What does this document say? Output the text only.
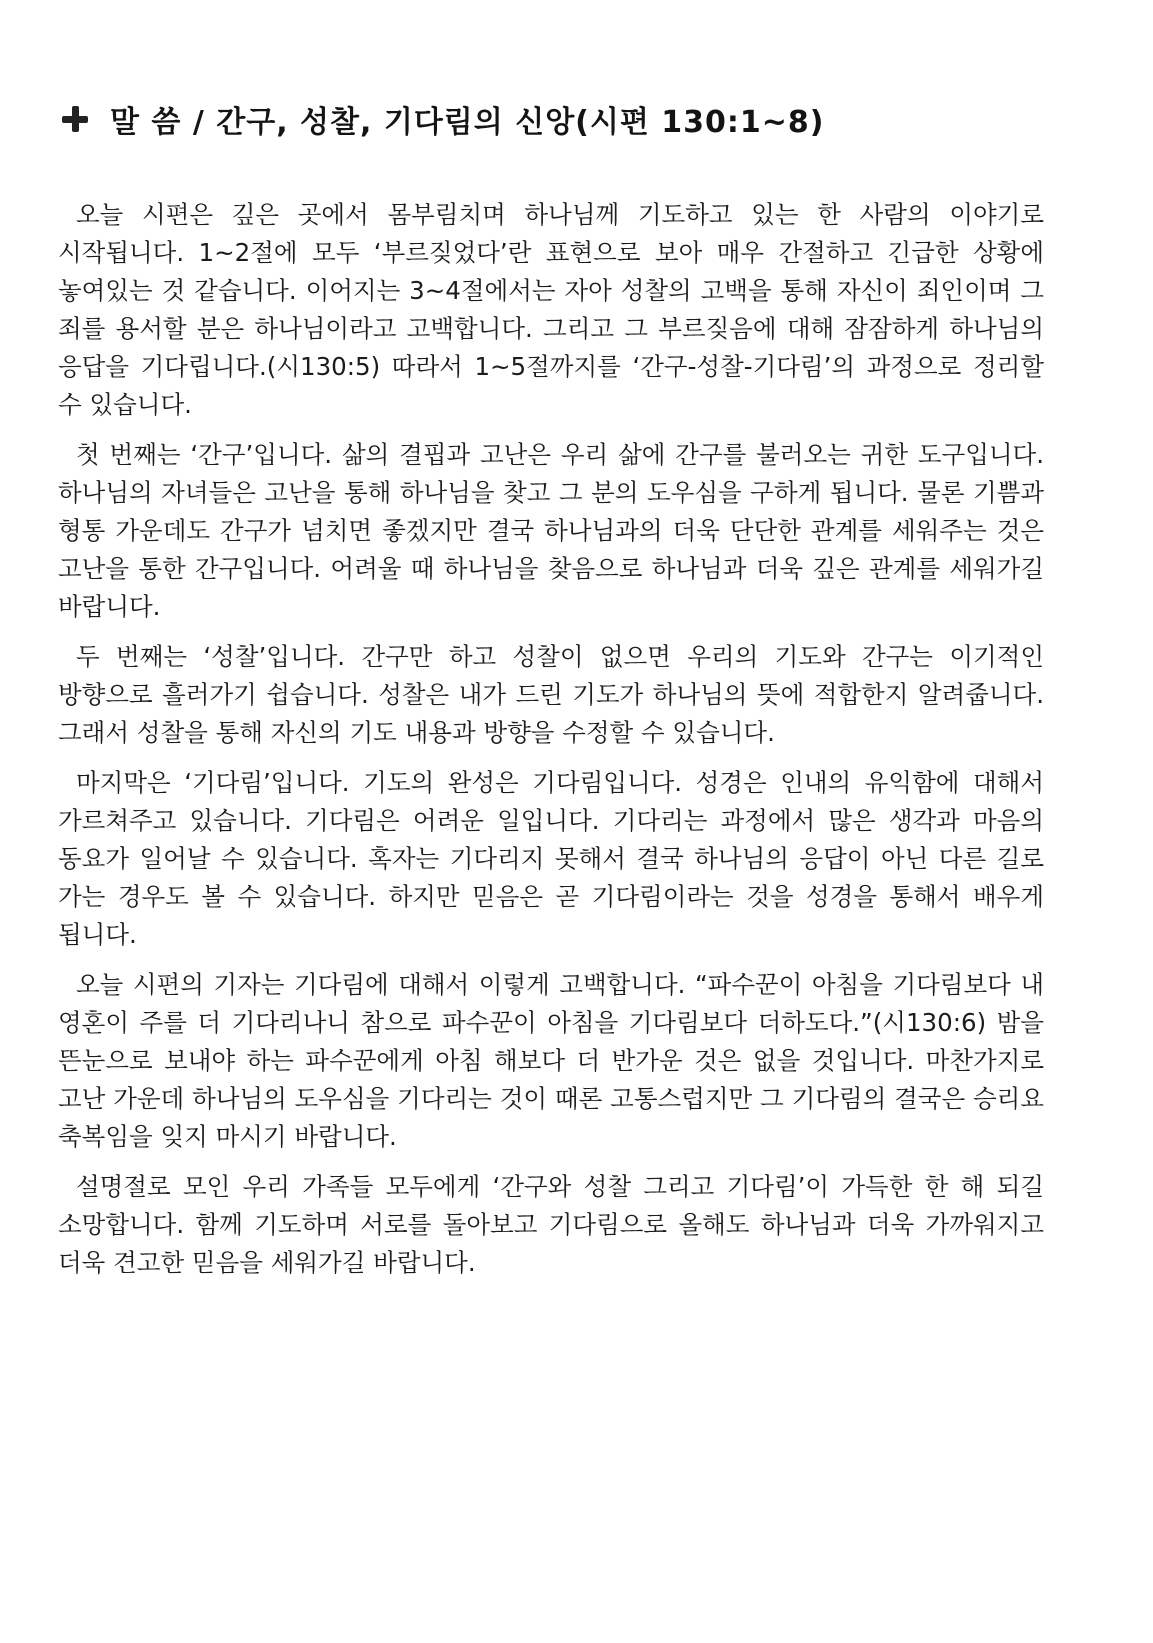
말 씀 / 간구, 성찰, 기다림의 신앙(시편 130:1~8)

오늘 시편은 깊은 곳에서 몸부림치며 하나님께 기도하고 있는 한 사람의 이야기로 시작됩니다. 1~2절에 모두 ‘부르짖었다’란 표현으로 보아 매우 간절하고 긴급한 상황에 놓여있는 것 같습니다. 이어지는 3~4절에서는 자아 성찰의 고백을 통해 자신이 죄인이며 그 죄를 용서할 분은 하나님이라고 고백합니다. 그리고 그 부르짖음에 대해 잠잠하게 하나님의 응답을 기다립니다.(시130:5) 따라서 1~5절까지를 ‘간구-성찰-기다림’의 과정으로 정리할 수 있습니다.

첫 번째는 ‘간구’입니다. 삶의 결핍과 고난은 우리 삶에 간구를 불러오는 귀한 도구입니다. 하나님의 자녀들은 고난을 통해 하나님을 찾고 그 분의 도우심을 구하게 됩니다. 물론 기쁨과 형통 가운데도 간구가 넘치면 좋겠지만 결국 하나님과의 더욱 단단한 관계를 세워주는 것은 고난을 통한 간구입니다. 어려울 때 하나님을 찾음으로 하나님과 더욱 깊은 관계를 세워가길 바랍니다.

두 번째는 ‘성찰’입니다. 간구만 하고 성찰이 없으면 우리의 기도와 간구는 이기적인 방향으로 흘러가기 쉽습니다. 성찰은 내가 드린 기도가 하나님의 뜻에 적합한지 알려줍니다. 그래서 성찰을 통해 자신의 기도 내용과 방향을 수정할 수 있습니다.

마지막은 ‘기다림’입니다. 기도의 완성은 기다림입니다. 성경은 인내의 유익함에 대해서 가르쳐주고 있습니다. 기다림은 어려운 일입니다. 기다리는 과정에서 많은 생각과 마음의 동요가 일어날 수 있습니다. 혹자는 기다리지 못해서 결국 하나님의 응답이 아닌 다른 길로 가는 경우도 볼 수 있습니다. 하지만 믿음은 곧 기다림이라는 것을 성경을 통해서 배우게 됩니다.

오늘 시편의 기자는 기다림에 대해서 이렇게 고백합니다. “파수꾼이 아침을 기다림보다 내 영혼이 주를 더 기다리나니 참으로 파수꾼이 아침을 기다림보다 더하도다.”(시130:6) 밤을 뜬눈으로 보내야 하는 파수꾼에게 아침 해보다 더 반가운 것은 없을 것입니다. 마찬가지로 고난 가운데 하나님의 도우심을 기다리는 것이 때론 고통스럽지만 그 기다림의 결국은 승리요 축복임을 잊지 마시기 바랍니다.

설명절로 모인 우리 가족들 모두에게 ‘간구와 성찰 그리고 기다림’이 가득한 한 해 되길 소망합니다. 함께 기도하며 서로를 돌아보고 기다림으로 올해도 하나님과 더욱 가까워지고 더욱 견고한 믿음을 세워가길 바랍니다.
